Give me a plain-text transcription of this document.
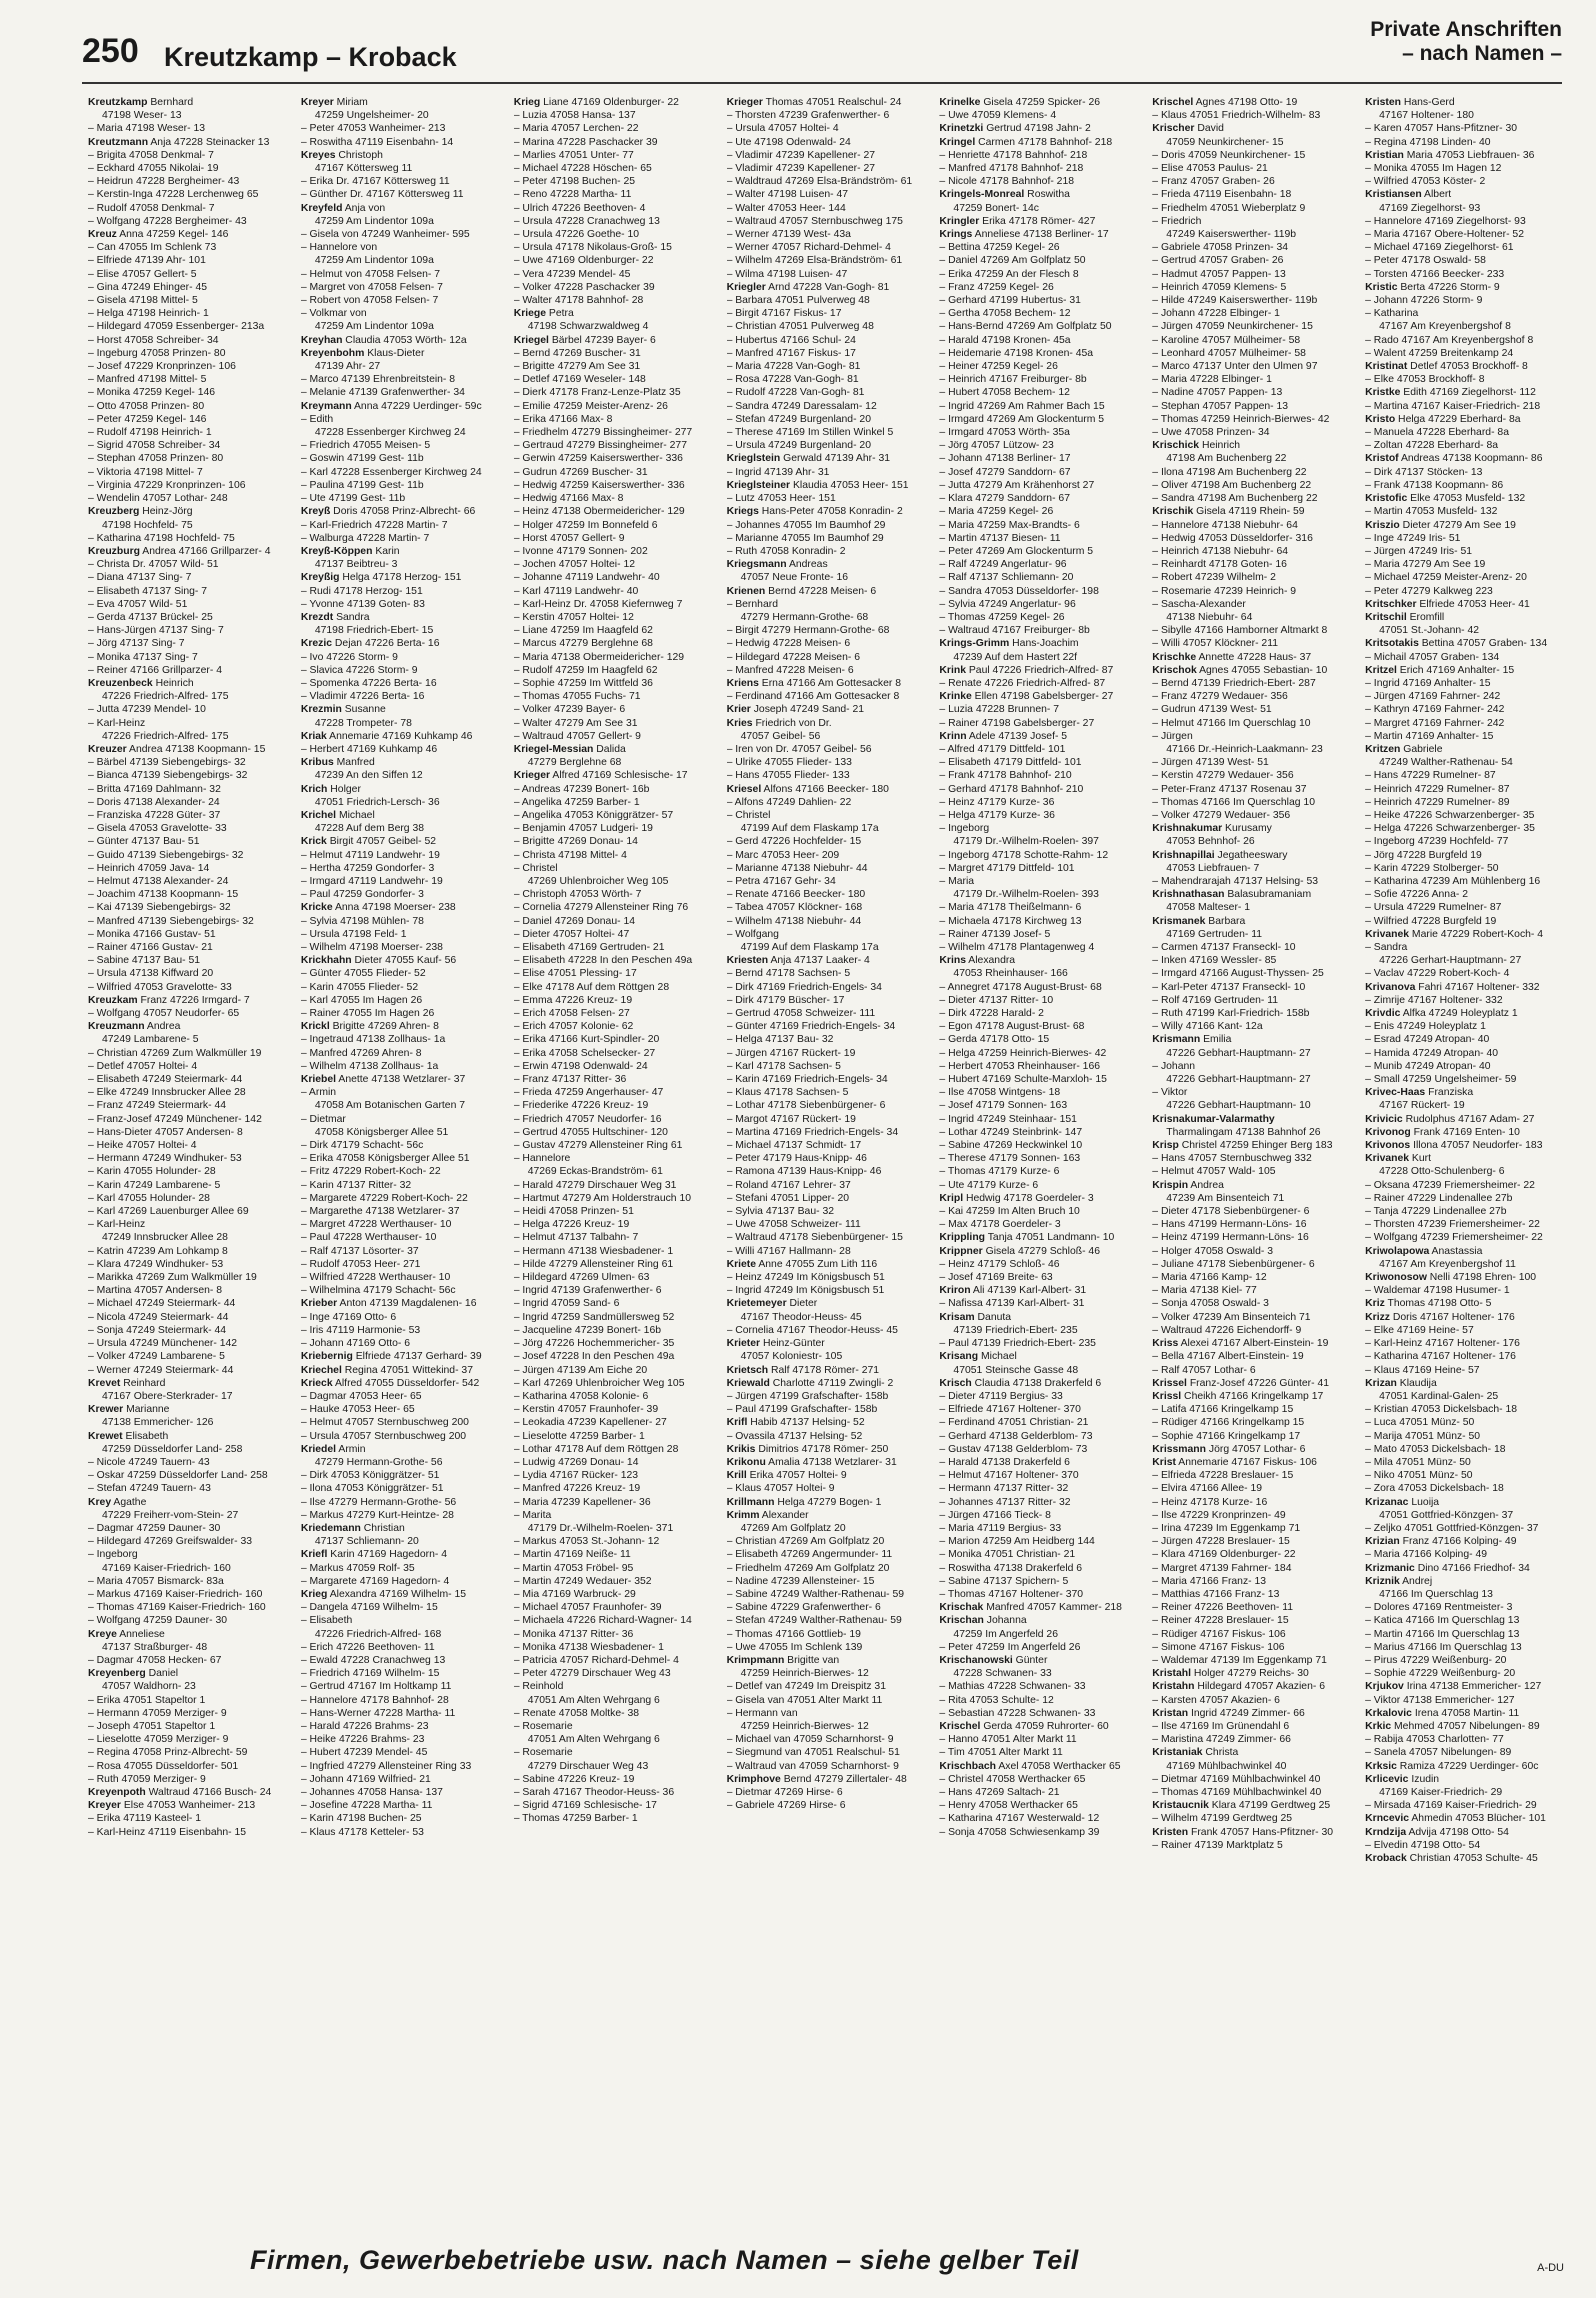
250 Kreutzkamp – Kroback
Private Anschriften
– nach Namen –
Kreutzkamp Bernhard
47198 Weser- 13
– Maria 47198 Weser- 13
Kreutzmann Anja 47228 Steinacker 13
– Brigita 47058 Denkmal- 7
– Eckhard 47055 Nikolai- 19
– Heidrun 47228 Bergheimer- 43
– Kerstin-Inga 47228 Lerchenweg 65
– Rudolf 47058 Denkmal- 7
– Wolfgang 47228 Bergheimer- 43
Kreuz Anna 47259 Kegel- 146
– Can 47055 Im Schlenk 73
– Elfriede 47139 Ahr- 101
– Elise 47057 Gellert- 5
– Gina 47249 Ehinger- 45
– Gisela 47198 Mittel- 5
– Helga 47198 Heinrich- 1
– Hildegard 47059 Essenberger- 213a
– Horst 47058 Schreiber- 34
– Ingeburg 47058 Prinzen- 80
– Josef 47229 Kronprinzen- 106
– Manfred 47198 Mittel- 5
– Monika 47259 Kegel- 146
– Otto 47058 Prinzen- 80
– Peter 47259 Kegel- 146
– Rudolf 47198 Heinrich- 1
– Sigrid 47058 Schreiber- 34
– Stephan 47058 Prinzen- 80
– Viktoria 47198 Mittel- 7
– Virginia 47229 Kronprinzen- 106
– Wendelin 47057 Lothar- 248
Kreuzberg Heinz-Jörg
47198 Hochfeld- 75
– Katharina 47198 Hochfeld- 75
Kreuzburg Andrea 47166 Grillparzer- 4
– Christa Dr. 47057 Wild- 51
– Diana 47137 Sing- 7
– Elisabeth 47137 Sing- 7
– Eva 47057 Wild- 51
– Gerda 47137 Brückel- 25
– Hans-Jürgen 47137 Sing- 7
– Jörg 47137 Sing- 7
– Monika 47137 Sing- 7
– Reiner 47166 Grillparzer- 4
Kreuzenbeck Heinrich
47226 Friedrich-Alfred- 175
– Jutta 47239 Mendel- 10
– Karl-Heinz
47226 Friedrich-Alfred- 175
Kreuzer Andrea 47138 Koopmann- 15
– Bärbel 47139 Siebengebirgs- 32
– Bianca 47139 Siebengebirgs- 32
– Britta 47169 Dahlmann- 32
– Doris 47138 Alexander- 24
– Franziska 47228 Güter- 37
– Gisela 47053 Gravelotte- 33
– Günter 47137 Bau- 51
– Guido 47139 Siebengebirgs- 32
– Heinrich 47059 Java- 14
– Helmut 47138 Alexander- 24
– Joachim 47138 Koopmann- 15
– Kai 47139 Siebengebirgs- 32
– Manfred 47139 Siebengebirgs- 32
– Monika 47166 Gustav- 51
– Rainer 47166 Gustav- 21
– Sabine 47137 Bau- 51
– Ursula 47138 Kiffward 20
– Wilfried 47053 Gravelotte- 33
Kreuzkam Franz 47226 Irmgard- 7
– Wolfgang 47057 Neudorfer- 65
Kreuzmann Andrea
47249 Lambarene- 5
– Christian 47269 Zum Walkmüller 19
– Detlef 47057 Holtei- 4
– Elisabeth 47249 Steiermark- 44
– Elke 47249 Innsbrucker Allee 28
– Franz 47249 Steiermark- 44
– Franz-Josef 47249 Münchener- 142
– Hans-Dieter 47057 Andersen- 8
– Heike 47057 Holtei- 4
– Hermann 47249 Windhuker- 53
– Karin 47055 Holunder- 28
– Karin 47249 Lambarene- 5
– Karl 47055 Holunder- 28
– Karl 47269 Lauenburger Allee 69
– Karl-Heinz
47249 Innsbrucker Allee 28
– Katrin 47239 Am Lohkamp 8
– Klara 47249 Windhuker- 53
– Marikka 47269 Zum Walkmüller 19
– Martina 47057 Andersen- 8
– Michael 47249 Steiermark- 44
– Nicola 47249 Steiermark- 44
– Sonja 47249 Steiermark- 44
– Ursula 47249 Münchener- 142
– Volker 47249 Lambarene- 5
– Werner 47249 Steiermark- 44
Krevet Reinhard
47167 Obere-Sterkrader- 17
Krewer Marianne
47138 Emmericher- 126
Krewet Elisabeth
47259 Düsseldorfer Land- 258
– Nicole 47249 Tauern- 43
– Oskar 47259 Düsseldorfer Land- 258
– Stefan 47249 Tauern- 43
Krey Agathe
47229 Freiherr-vom-Stein- 27
– Dagmar 47259 Dauner- 30
– Hildegard 47269 Greifswalder- 33
– Ingeborg
47169 Kaiser-Friedrich- 160
– Maria 47057 Bismarck- 83a
– Markus 47169 Kaiser-Friedrich- 160
– Thomas 47169 Kaiser-Friedrich- 160
– Wolfgang 47259 Dauner- 30
Kreye Anneliese
47137 Straßburger- 48
– Dagmar 47058 Hecken- 67
Kreyenberg Daniel
47057 Waldhorn- 23
– Erika 47051 Stapeltor 1
– Hermann 47059 Merziger- 9
– Joseph 47051 Stapeltor 1
– Lieselotte 47059 Merziger- 9
– Regina 47058 Prinz-Albrecht- 59
– Rosa 47055 Düsseldorfer- 501
– Ruth 47059 Merziger- 9
Kreyenpoth Waltraud 47166 Busch- 24
Kreyer Else 47053 Wanheimer- 213
– Erika 47119 Kasteel- 1
– Karl-Heinz 47119 Eisenbahn- 15
Kreyer Miriam
47259 Ungelsheimer- 20
– Peter 47053 Wanheimer- 213
– Roswitha 47119 Eisenbahn- 14
Kreyes Christoph
47167 Köttersweg 11
– Erika Dr. 47167 Köttersweg 11
– Günther Dr. 47167 Köttersweg 11
Kreyfeld Anja von
47259 Am Lindentor 109a
– Gisela von 47249 Wanheimer- 595
– Hannelore von
47259 Am Lindentor 109a
– Helmut von 47058 Felsen- 7
– Margret von 47058 Felsen- 7
– Robert von 47058 Felsen- 7
– Volkmar von
47259 Am Lindentor 109a
Kreyhan Claudia 47053 Wörth- 12a
Kreyenbohm Klaus-Dieter
47139 Ahr- 27
– Marco 47139 Ehrenbreitstein- 8
– Melanie 47139 Grafenwerther- 34
Kreymann Anna 47229 Uerdinger- 59c
– Edith
47228 Essenberger Kirchweg 24
– Friedrich 47055 Meisen- 5
– Goswin 47199 Gest- 11b
– Karl 47228 Essenberger Kirchweg 24
– Paulina 47199 Gest- 11b
– Ute 47199 Gest- 11b
Kreyß Doris 47058 Prinz-Albrecht- 66
– Karl-Friedrich 47228 Martin- 7
– Walburga 47228 Martin- 7
Kreyß-Köppen Karin
47137 Beibtreu- 3
Kreyßig Helga 47178 Herzog- 151
– Rudi 47178 Herzog- 151
– Yvonne 47139 Goten- 83
Krezdt Sandra
47198 Friedrich-Ebert- 15
Krezic Dejan 47226 Berta- 16
– Ivo 47226 Storm- 9
– Slavica 47226 Storm- 9
– Spomenka 47226 Berta- 16
– Vladimir 47226 Berta- 16
Krezmin Susanne
47228 Trompeter- 78
Kriak Annemarie 47169 Kuhkamp 46
– Herbert 47169 Kuhkamp 46
Kribus Manfred
47239 An den Siffen 12
Krich Holger
47051 Friedrich-Lersch- 36
Krichel Michael
47228 Auf dem Berg 38
Krick Birgit 47057 Geibel- 52
– Helmut 47119 Landwehr- 19
– Hertha 47259 Gondorfer- 3
– Irmgard 47119 Landwehr- 19
– Paul 47259 Gondorfer- 3
Kricke Anna 47198 Moerser- 238
– Sylvia 47198 Mühlen- 78
– Ursula 47198 Feld- 1
– Wilhelm 47198 Moerser- 238
Krickhahn Dieter 47055 Kauf- 56
– Günter 47055 Flieder- 52
– Karin 47055 Flieder- 52
– Karl 47055 Im Hagen 26
– Rainer 47055 Im Hagen 26
Krickl Brigitte 47269 Ahren- 8
– Ingetraud 47138 Zollhaus- 1a
– Manfred 47269 Ahren- 8
– Wilhelm 47138 Zollhaus- 1a
Kriebel Anette 47138 Wetzlarer- 37
– Armin
47058 Am Botanischen Garten 7
– Dietmar
47058 Königsberger Allee 51
– Dirk 47179 Schacht- 56c
– Erika 47058 Königsberger Allee 51
– Fritz 47229 Robert-Koch- 22
– Karin 47137 Ritter- 32
– Margarete 47229 Robert-Koch- 22
– Margarethe 47138 Wetzlarer- 37
– Margret 47228 Werthauser- 10
– Paul 47228 Werthauser- 10
– Ralf 47137 Lösorter- 37
– Rudolf 47053 Heer- 271
– Wilfried 47228 Werthauser- 10
– Wilhelmina 47179 Schacht- 56c
Krieber Anton 47139 Magdalenen- 16
– Inge 47169 Otto- 6
– Iris 47119 Harmonie- 53
– Johann 47169 Otto- 6
Kriebernig Elfriede 47137 Gerhard- 39
Kriechel Regina 47051 Wittekind- 37
Krieck Alfred 47055 Düsseldorfer- 542
– Dagmar 47053 Heer- 65
– Hauke 47053 Heer- 65
– Helmut 47057 Sternbuschweg 200
– Ursula 47057 Sternbuschweg 200
Kriedel Armin
47279 Hermann-Grothe- 56
– Dirk 47053 Königgrätzer- 51
– Ilona 47053 Königgrätzer- 51
– Ilse 47279 Hermann-Grothe- 56
– Markus 47279 Kurt-Heintze- 28
Kriedemann Christian
47137 Schliemann- 20
Kriefl Karin 47169 Hagedorn- 4
– Markus 47059 Rolf- 35
– Margarete 47169 Hagedorn- 4
Krieg Alexandra 47169 Wilhelm- 15
– Dangela 47169 Wilhelm- 15
– Elisabeth
47226 Friedrich-Alfred- 168
– Erich 47226 Beethoven- 11
– Ewald 47228 Cranachweg 13
– Friedrich 47169 Wilhelm- 15
– Gertrud 47167 Im Holtkamp 11
– Hannelore 47178 Bahnhof- 28
– Hans-Werner 47228 Martha- 11
– Harald 47226 Brahms- 23
– Heike 47226 Brahms- 23
– Hubert 47239 Mendel- 45
– Ingfried 47279 Allensteiner Ring 33
– Johann 47169 Wilfried- 21
– Johannes 47058 Hansa- 137
– Josefine 47228 Martha- 11
– Karin 47198 Buchen- 25
– Klaus 47178 Ketteler- 53
Krieg Liane 47169 Oldenburger- 22
– Luzia 47058 Hansa- 137
– Maria 47057 Lerchen- 22
– Marina 47228 Paschacker 39
– Marlies 47051 Unter- 77
– Michael 47228 Höschen- 65
– Peter 47198 Buchen- 25
– Reno 47228 Martha- 11
– Ulrich 47226 Beethoven- 4
– Ursula 47228 Cranachweg 13
– Ursula 47226 Goethe- 10
– Ursula 47178 Nikolaus-Groß- 15
– Uwe 47169 Oldenburger- 22
– Vera 47239 Mendel- 45
– Volker 47228 Paschacker 39
– Walter 47178 Bahnhof- 28
Kriege Petra
47198 Schwarzwaldweg 4
Kriegel Bärbel 47239 Bayer- 6
– Bernd 47269 Buscher- 31
– Brigitte 47279 Am See 31
– Detlef 47169 Weseler- 148
– Dierk 47178 Franz-Lenze-Platz 35
– Emilie 47259 Meister-Arenz- 26
– Erika 47166 Max- 8
– Friedhelm 47279 Bissingheimer- 277
– Gertraud 47279 Bissingheimer- 277
– Gerwin 47259 Kaiserswerther- 336
– Gudrun 47269 Buscher- 31
– Hedwig 47259 Kaiserswerther- 336
– Hedwig 47166 Max- 8
– Heinz 47138 Obermeidericher- 129
– Holger 47259 Im Bonnefeld 6
– Horst 47057 Gellert- 9
– Ivonne 47179 Sonnen- 202
– Jochen 47057 Holtei- 12
– Johanne 47119 Landwehr- 40
– Karl 47119 Landwehr- 40
– Karl-Heinz Dr. 47058 Kiefernweg 7
– Kerstin 47057 Holtei- 12
– Liane 47259 Im Haagfeld 62
– Marcus 47279 Berglehne 68
– Maria 47138 Obermeidericher- 129
– Rudolf 47259 Im Haagfeld 62
– Sophie 47259 Im Wittfeld 36
– Thomas 47055 Fuchs- 71
– Volker 47239 Bayer- 6
– Walter 47279 Am See 31
– Waltraud 47057 Gellert- 9
Kriegel-Messian Dalida
47279 Berglehne 68
Krieger Alfred 47169 Schlesische- 17
– Andreas 47239 Bonert- 16b
– Angelika 47259 Barber- 1
– Angelika 47053 Königgrätzer- 57
– Benjamin 47057 Ludgeri- 19
– Brigitte 47269 Donau- 14
– Christa 47198 Mittel- 4
– Christel
47269 Uhlenbroicher Weg 105
– Christoph 47053 Wörth- 7
– Cornelia 47279 Allensteiner Ring 76
– Daniel 47269 Donau- 14
– Dieter 47057 Holtei- 47
– Elisabeth 47169 Gertruden- 21
– Elisabeth 47228 In den Peschen 49a
– Elise 47051 Plessing- 17
– Elke 47178 Auf dem Röttgen 28
– Emma 47226 Kreuz- 19
– Erich 47058 Felsen- 27
– Erich 47057 Kolonie- 62
– Erika 47166 Kurt-Spindler- 20
– Erika 47058 Schelsecker- 27
– Erwin 47198 Odenwald- 24
– Franz 47137 Ritter- 36
– Frieda 47259 Angerhauser- 47
– Friederike 47226 Kreuz- 19
– Friedrich 47057 Neudorfer- 16
– Gertrud 47055 Hultschiner- 120
– Gustav 47279 Allensteiner Ring 61
– Hannelore
47269 Eckas-Brandström- 61
– Harald 47279 Dirschauer Weg 31
– Hartmut 47279 Am Holderstrauch 10
– Heidi 47058 Prinzen- 51
– Helga 47226 Kreuz- 19
– Helmut 47137 Talbahn- 7
– Hermann 47138 Wiesbadener- 1
– Hilde 47279 Allensteiner Ring 61
– Hildegard 47269 Ulmen- 63
– Ingrid 47139 Grafenwerther- 6
– Ingrid 47059 Sand- 6
– Ingrid 47259 Sandmüllersweg 52
– Jacqueline 47239 Bonert- 16b
– Jörg 47226 Hochemmericher- 35
– Josef 47228 In den Peschen 49a
– Jürgen 47139 Am Eiche 20
– Karl 47269 Uhlenbroicher Weg 105
– Katharina 47058 Kolonie- 6
– Kerstin 47057 Fraunhofer- 39
– Leokadia 47239 Kapellener- 27
– Lieselotte 47259 Barber- 1
– Lothar 47178 Auf dem Röttgen 28
– Ludwig 47269 Donau- 14
– Lydia 47167 Rücker- 123
– Manfred 47226 Kreuz- 19
– Maria 47239 Kapellener- 36
– Marita
47179 Dr.-Wilhelm-Roelen- 371
– Markus 47053 St.-Johann- 12
– Martin 47169 Neiße- 11
– Martin 47053 Fröbel- 95
– Martin 47249 Wedauer- 352
– Mia 47169 Warbruck- 29
– Michael 47057 Fraunhofer- 39
– Michaela 47226 Richard-Wagner- 14
– Monika 47137 Ritter- 36
– Monika 47138 Wiesbadener- 1
– Patricia 47057 Richard-Dehmel- 4
– Peter 47279 Dirschauer Weg 43
– Reinhold
47051 Am Alten Wehrgang 6
– Renate 47058 Moltke- 38
– Rosemarie
47051 Am Alten Wehrgang 6
– Rosemarie
47279 Dirschauer Weg 43
– Sabine 47226 Kreuz- 19
– Sarah 47167 Theodor-Heuss- 36
– Sigrid 47169 Schlesische- 17
– Thomas 47259 Barber- 1
Krieger Thomas 47051 Realschul- 24
– Thorsten 47239 Grafenwerther- 6
– Ursula 47057 Holtei- 4
– Ute 47198 Odenwald- 24
– Vladimir 47239 Kapellener- 27
– Vladimir 47239 Kapellener- 27
– Waldtraud 47269 Elsa-Brändström- 61
– Walter 47198 Luisen- 47
– Walter 47053 Heer- 144
– Waltraud 47057 Sternbuschweg 175
– Werner 47139 West- 43a
– Werner 47057 Richard-Dehmel- 4
– Wilhelm 47269 Elsa-Brändström- 61
– Wilma 47198 Luisen- 47
Kriegler Arnd 47228 Van-Gogh- 81
– Barbara 47051 Pulverweg 48
– Birgit 47167 Fiskus- 17
– Christian 47051 Pulverweg 48
– Hubertus 47166 Schul- 24
– Manfred 47167 Fiskus- 17
– Maria 47228 Van-Gogh- 81
– Rosa 47228 Van-Gogh- 81
– Rudolf 47228 Van-Gogh- 81
– Sandra 47249 Daressalam- 12
– Stefan 47249 Burgenland- 20
– Therese 47169 Im Stillen Winkel 5
– Ursula 47249 Burgenland- 20
Krieglstein Gerwald 47139 Ahr- 31
– Ingrid 47139 Ahr- 31
Krieglsteiner Klaudia 47053 Heer- 151
– Lutz 47053 Heer- 151
Kriegs Hans-Peter 47058 Konradin- 2
– Johannes 47055 Im Baumhof 29
– Marianne 47055 Im Baumhof 29
– Ruth 47058 Konradin- 2
Kriegsmann Andreas
47057 Neue Fronte- 16
Krienen Bernd 47228 Meisen- 6
– Bernhard
47279 Hermann-Grothe- 68
– Birgit 47279 Hermann-Grothe- 68
– Hedwig 47228 Meisen- 6
– Hildegard 47228 Meisen- 6
– Manfred 47228 Meisen- 6
Kriens Erna 47166 Am Gottesacker 8
– Ferdinand 47166 Am Gottesacker 8
Krier Joseph 47249 Sand- 21
Kries Friedrich von Dr.
47057 Geibel- 56
– Iren von Dr. 47057 Geibel- 56
– Ulrike 47055 Flieder- 133
– Hans 47055 Flieder- 133
Kriesel Alfons 47166 Beecker- 180
– Alfons 47249 Dahlien- 22
– Christel
47199 Auf dem Flaskamp 17a
– Gerd 47226 Hochfelder- 15
– Marc 47053 Heer- 209
– Marianne 47138 Niebuhr- 44
– Petra 47167 Gehr- 34
– Renate 47166 Beecker- 180
– Tabea 47057 Klöckner- 168
– Wilhelm 47138 Niebuhr- 44
– Wolfgang
47199 Auf dem Flaskamp 17a
Kriesten Anja 47137 Laaker- 4
– Bernd 47178 Sachsen- 5
– Dirk 47169 Friedrich-Engels- 34
– Dirk 47179 Büscher- 17
– Gertrud 47058 Schweizer- 111
– Günter 47169 Friedrich-Engels- 34
– Helga 47137 Bau- 32
– Jürgen 47167 Rückert- 19
– Karl 47178 Sachsen- 5
– Karin 47169 Friedrich-Engels- 34
– Klaus 47178 Sachsen- 5
– Lothar 47178 Siebenbürgener- 6
– Margot 47167 Rückert- 19
– Martina 47169 Friedrich-Engels- 34
– Michael 47137 Schmidt- 17
– Peter 47179 Haus-Knipp- 46
– Ramona 47139 Haus-Knipp- 46
– Roland 47167 Lehrer- 37
– Stefani 47051 Lipper- 20
– Sylvia 47137 Bau- 32
– Uwe 47058 Schweizer- 111
– Waltraud 47178 Siebenbürgener- 15
– Willi 47167 Hallmann- 28
Kriete Anne 47055 Zum Lith 116
– Heinz 47249 Im Königsbusch 51
– Ingrid 47249 Im Königsbusch 51
Krietemeyer Dieter
47167 Theodor-Heuss- 45
– Cornelia 47167 Theodor-Heuss- 45
Krieter Heinz-Günter
47057 Koloniestr- 105
Krietsch Ralf 47178 Römer- 271
Kriewald Charlotte 47119 Zwingli- 2
– Jürgen 47199 Grafschafter- 158b
– Paul 47199 Grafschafter- 158b
Krifl Habib 47137 Helsing- 52
– Ovassila 47137 Helsing- 52
Krikis Dimitrios 47178 Römer- 250
Krikonu Amalia 47138 Wetzlarer- 31
Krill Erika 47057 Holtei- 9
– Klaus 47057 Holtei- 9
Krillmann Helga 47279 Bogen- 1
Krimm Alexander
47269 Am Golfplatz 20
– Christian 47269 Am Golfplatz 20
– Elisabeth 47269 Angermunder- 11
– Friedhelm 47269 Am Golfplatz 20
– Nadine 47239 Allensteiner- 15
– Sabine 47249 Walther-Rathenau- 59
– Sabine 47229 Grafenwerther- 6
– Stefan 47249 Walther-Rathenau- 59
– Thomas 47166 Gottlieb- 19
– Uwe 47055 Im Schlenk 139
Krimpmann Brigitte van
47259 Heinrich-Bierwes- 12
– Detlef van 47249 Im Dreispitz 31
– Gisela van 47051 Alter Markt 11
– Hermann van
47259 Heinrich-Bierwes- 12
– Michael van 47059 Scharnhorst- 9
– Siegmund van 47051 Realschul- 51
– Waltraud van 47059 Scharnhorst- 9
Krimphove Bernd 47279 Zillertaler- 48
– Dietmar 47269 Hirse- 6
– Gabriele 47269 Hirse- 6
Krinelke Gisela 47259 Spicker- 26
– Uwe 47059 Klemens- 4
Krinetzki Gertrud 47198 Jahn- 2
Kringel Carmen 47178 Bahnhof- 218
– Henriette 47178 Bahnhof- 218
– Manfred 47178 Bahnhof- 218
– Nicole 47178 Bahnhof- 218
Kringels-Monreal Roswitha
47259 Bonert- 14c
Kringler Erika 47178 Römer- 427
Krings Anneliese 47138 Berliner- 17
– Bettina 47259 Kegel- 26
– Daniel 47269 Am Golfplatz 50
– Erika 47259 An der Flesch 8
– Franz 47259 Kegel- 26
– Gerhard 47199 Hubertus- 31
– Gertha 47058 Bechem- 12
– Hans-Bernd 47269 Am Golfplatz 50
– Harald 47198 Kronen- 45a
– Heidemarie 47198 Kronen- 45a
– Heiner 47259 Kegel- 26
– Heinrich 47167 Freiburger- 8b
– Hubert 47058 Bechem- 12
– Ingrid 47269 Am Rahmer Bach 15
– Irmgard 47269 Am Glockenturm 5
– Irmgard 47053 Wörth- 35a
– Jörg 47057 Lützow- 23
– Johann 47138 Berliner- 17
– Josef 47279 Sanddorn- 67
– Jutta 47279 Am Krähenhorst 27
– Klara 47279 Sanddorn- 67
– Maria 47259 Kegel- 26
– Maria 47259 Max-Brandts- 6
– Martin 47137 Biesen- 11
– Peter 47269 Am Glockenturm 5
– Ralf 47249 Angerlatur- 96
– Ralf 47137 Schliemann- 20
– Sandra 47053 Düsseldorfer- 198
– Sylvia 47249 Angerlatur- 96
– Thomas 47259 Kegel- 26
– Waltraud 47167 Freiburger- 8b
Krings-Grimm Hans-Joachim
47239 Auf dem Hastert 22f
Krink Paul 47226 Friedrich-Alfred- 87
– Renate 47226 Friedrich-Alfred- 87
Krinke Ellen 47198 Gabelsberger- 27
– Luzia 47228 Brunnen- 7
– Rainer 47198 Gabelsberger- 27
Krinn Adele 47139 Josef- 5
– Alfred 47179 Dittfeld- 101
– Elisabeth 47179 Dittfeld- 101
– Frank 47178 Bahnhof- 210
– Gerhard 47178 Bahnhof- 210
– Heinz 47179 Kurze- 36
– Helga 47179 Kurze- 36
– Ingeborg
47179 Dr.-Wilhelm-Roelen- 397
– Ingeborg 47178 Schotte-Rahm- 12
– Margret 47179 Dittfeld- 101
– Maria
47179 Dr.-Wilhelm-Roelen- 393
– Maria 47178 Theißelmann- 6
– Michaela 47178 Kirchweg 13
– Rainer 47139 Josef- 5
– Wilhelm 47178 Plantagenweg 4
Krins Alexandra
47053 Rheinhauser- 166
– Annegret 47178 August-Brust- 68
– Dieter 47137 Ritter- 10
– Dirk 47228 Harald- 2
– Egon 47178 August-Brust- 68
– Gerda 47178 Otto- 15
– Helga 47259 Heinrich-Bierwes- 42
– Herbert 47053 Rheinhauser- 166
– Hubert 47169 Schulte-Marxloh- 15
– Ilse 47058 Wintgens- 18
– Josef 47179 Sonnen- 163
– Ingrid 47249 Steinhaar- 151
– Lothar 47249 Steinbrink- 147
– Sabine 47269 Heckwinkel 10
– Therese 47179 Sonnen- 163
– Thomas 47179 Kurze- 6
– Ute 47179 Kurze- 6
Kripl Hedwig 47178 Goerdeler- 3
– Kai 47259 Im Alten Bruch 10
– Max 47178 Goerdeler- 3
Krippling Tanja 47051 Landmann- 10
Krippner Gisela 47279 Schloß- 46
– Heinz 47179 Schloß- 46
– Josef 47169 Breite- 63
Kriron Ali 47139 Karl-Albert- 31
– Nafissa 47139 Karl-Albert- 31
Krisam Danuta
47139 Friedrich-Ebert- 235
– Paul 47139 Friedrich-Ebert- 235
Krisang Michael
47051 Steinsche Gasse 48
Krisch Claudia 47138 Drakerfeld 6
– Dieter 47119 Bergius- 33
– Elfriede 47167 Holtener- 370
– Ferdinand 47051 Christian- 21
– Gerhard 47138 Gelderblom- 73
– Gustav 47138 Gelderblom- 73
– Harald 47138 Drakerfeld 6
– Helmut 47167 Holtener- 370
– Hermann 47137 Ritter- 32
– Johannes 47137 Ritter- 32
– Jürgen 47166 Tieck- 8
– Maria 47119 Bergius- 33
– Marion 47259 Am Heidberg 144
– Monika 47051 Christian- 21
– Roswitha 47138 Drakerfeld 6
– Sabine 47137 Spichern- 5
– Thomas 47167 Holtener- 370
Krischak Manfred 47057 Kammer- 218
Krischan Johanna
47259 Im Angerfeld 26
– Peter 47259 Im Angerfeld 26
Krischanowski Günter
47228 Schwanen- 33
– Mathias 47228 Schwanen- 33
– Rita 47053 Schulte- 12
– Sebastian 47228 Schwanen- 33
Krischel Gerda 47059 Ruhrorter- 60
– Hanno 47051 Alter Markt 11
– Tim 47051 Alter Markt 11
Krischbach Axel 47058 Werthacker 65
– Christel 47058 Werthacker 65
– Hans 47269 Saltach- 21
– Henry 47058 Werthacker 65
– Katharina 47167 Westerwald- 12
– Sonja 47058 Schwiesenkamp 39
Krischel Agnes 47198 Otto- 19
– Klaus 47051 Friedrich-Wilhelm- 83
Krischer David
47059 Neunkirchener- 15
– Doris 47059 Neunkirchener- 15
– Elise 47053 Paulus- 21
– Franz 47057 Graben- 26
– Frieda 47119 Eisenbahn- 18
– Friedhelm 47051 Wieberplatz 9
– Friedrich
47249 Kaiserswerther- 119b
– Gabriele 47058 Prinzen- 34
– Gertrud 47057 Graben- 26
– Hadmut 47057 Pappen- 13
– Heinrich 47059 Klemens- 5
– Hilde 47249 Kaiserswerther- 119b
– Johann 47228 Elbinger- 1
– Jürgen 47059 Neunkirchener- 15
– Karoline 47057 Mülheimer- 58
– Leonhard 47057 Mülheimer- 58
– Marco 47137 Unter den Ulmen 97
– Maria 47228 Elbinger- 1
– Nadine 47057 Pappen- 13
– Stephan 47057 Pappen- 13
– Thomas 47259 Heinrich-Bierwes- 42
– Uwe 47058 Prinzen- 34
Krischick Heinrich
47198 Am Buchenberg 22
– Ilona 47198 Am Buchenberg 22
– Oliver 47198 Am Buchenberg 22
– Sandra 47198 Am Buchenberg 22
Krischik Gisela 47119 Rhein- 59
– Hannelore 47138 Niebuhr- 64
– Hedwig 47053 Düsseldorfer- 316
– Heinrich 47138 Niebuhr- 64
– Reinhardt 47178 Goten- 16
– Robert 47239 Wilhelm- 2
– Rosemarie 47239 Heinrich- 9
– Sascha-Alexander
47138 Niebuhr- 64
– Sibylle 47166 Hamborner Altmarkt 8
– Willi 47057 Klöckner- 211
Krischke Annette 47228 Haus- 37
Krischok Agnes 47055 Sebastian- 10
– Bernd 47139 Friedrich-Ebert- 287
– Franz 47279 Wedauer- 356
– Gudrun 47139 West- 51
– Helmut 47166 Im Querschlag 10
– Jürgen
47166 Dr.-Heinrich-Laakmann- 23
– Jürgen 47139 West- 51
– Kerstin 47279 Wedauer- 356
– Peter-Franz 47137 Rosenau 37
– Thomas 47166 Im Querschlag 10
– Volker 47279 Wedauer- 356
Krishnakumar Kurusamy
47053 Behnhof- 26
Krishnapillai Jegatheeswary
47053 Liebfrauen- 7
– Mahendrarajah 47137 Helsing- 53
Krishnathasan Balasubramaniam
47058 Malteser- 1
Krismanek Barbara
47169 Gertruden- 11
– Carmen 47137 Franseckl- 10
– Inken 47169 Wessler- 85
– Irmgard 47166 August-Thyssen- 25
– Karl-Peter 47137 Franseckl- 10
– Rolf 47169 Gertruden- 11
– Ruth 47199 Karl-Friedrich- 158b
– Willy 47166 Kant- 12a
Krismann Emilia
47226 Gebhart-Hauptmann- 27
– Johann
47226 Gebhart-Hauptmann- 27
– Viktor
47226 Gebhart-Hauptmann- 10
Krisnakumar-Valarmathy
Tharmalingam 47138 Bahnhof 26
Krisp Christel 47259 Ehinger Berg 183
– Hans 47057 Sternbuschweg 332
– Helmut 47057 Wald- 105
Krispin Andrea
47239 Am Binsenteich 71
– Dieter 47178 Siebenbürgener- 6
– Hans 47199 Hermann-Löns- 16
– Heinz 47199 Hermann-Löns- 16
– Holger 47058 Oswald- 3
– Juliane 47178 Siebenbürgener- 6
– Maria 47166 Kamp- 12
– Maria 47138 Kiel- 77
– Sonja 47058 Oswald- 3
– Volker 47239 Am Binsenteich 71
– Waltraud 47226 Eichendorff- 9
Kriss Alexei 47167 Albert-Einstein- 19
– Bella 47167 Albert-Einstein- 19
– Ralf 47057 Lothar- 6
Krissel Franz-Josef 47226 Günter- 41
Krissl Cheikh 47166 Kringelkamp 17
– Latifa 47166 Kringelkamp 15
– Rüdiger 47166 Kringelkamp 15
– Sophie 47166 Kringelkamp 17
Krissmann Jörg 47057 Lothar- 6
Krist Annemarie 47167 Fiskus- 106
– Elfrieda 47228 Breslauer- 15
– Elvira 47166 Allee- 19
– Heinz 47178 Kurze- 16
– Ilse 47229 Kronprinzen- 49
– Irina 47239 Im Eggenkamp 71
– Jürgen 47228 Breslauer- 15
– Klara 47169 Oldenburger- 22
– Margret 47139 Fahrner- 184
– Maria 47166 Franz- 13
– Matthias 47166 Franz- 13
– Reiner 47226 Beethoven- 11
– Reiner 47228 Breslauer- 15
– Rüdiger 47167 Fiskus- 106
– Simone 47167 Fiskus- 106
– Waldemar 47139 Im Eggenkamp 71
Kristahl Holger 47279 Reichs- 30
Kristahn Hildegard 47057 Akazien- 6
– Karsten 47057 Akazien- 6
Kristan Ingrid 47249 Zimmer- 66
– Ilse 47169 Im Grünendahl 6
– Maristina 47249 Zimmer- 66
Kristaniak Christa
47169 Mühlbachwinkel 40
– Dietmar 47169 Mühlbachwinkel 40
– Thomas 47169 Mühlbachwinkel 40
Kristaucnik Klara 47199 Gerdtweg 25
– Wilhelm 47199 Gerdtweg 25
Kristen Frank 47057 Hans-Pfitzner- 30
– Rainer 47139 Marktplatz 5
Kristen Hans-Gerd
47167 Holtener- 180
– Karen 47057 Hans-Pfitzner- 30
– Regina 47198 Linden- 40
Kristian Maria 47053 Liebfrauen- 36
– Monika 47055 Im Hagen 12
– Wilfried 47053 Köster- 2
Kristiansen Albert
47169 Ziegelhorst- 93
– Hannelore 47169 Ziegelhorst- 93
– Maria 47167 Obere-Holtener- 52
– Michael 47169 Ziegelhorst- 61
– Peter 47178 Oswald- 58
– Torsten 47166 Beecker- 233
Kristic Berta 47226 Storm- 9
– Johann 47226 Storm- 9
– Katharina
47167 Am Kreyenbergshof 8
– Rado 47167 Am Kreyenbergshof 8
– Walent 47259 Breitenkamp 24
Kristinat Detlef 47053 Brockhoff- 8
– Elke 47053 Brockhoff- 8
Kristke Edith 47169 Ziegelhorst- 112
– Martina 47167 Kaiser-Friedrich- 218
Kristo Helga 47229 Eberhard- 8a
– Manuela 47228 Eberhard- 8a
– Zoltan 47228 Eberhard- 8a
Kristof Andreas 47138 Koopmann- 86
– Dirk 47137 Stöcken- 13
– Frank 47138 Koopmann- 86
Kristofic Elke 47053 Musfeld- 132
– Martin 47053 Musfeld- 132
Kriszio Dieter 47279 Am See 19
– Inge 47249 Iris- 51
– Jürgen 47249 Iris- 51
– Maria 47279 Am See 19
– Michael 47259 Meister-Arenz- 20
– Peter 47279 Kalkweg 223
Kritschker Elfriede 47053 Heer- 41
Kritschil Eromfill
47051 St.-Johann- 42
Kritsotakis Bettina 47057 Graben- 134
– Michail 47057 Graben- 134
Kritzel Erich 47169 Anhalter- 15
– Ingrid 47169 Anhalter- 15
– Jürgen 47169 Fahrner- 242
– Kathryn 47169 Fahrner- 242
– Margret 47169 Fahrner- 242
– Martin 47169 Anhalter- 15
Kritzen Gabriele
47249 Walther-Rathenau- 54
– Hans 47229 Rumelner- 87
– Heinrich 47229 Rumelner- 87
– Heinrich 47229 Rumelner- 89
– Heike 47226 Schwarzenberger- 35
– Helga 47226 Schwarzenberger- 35
– Ingeborg 47239 Hochfeld- 77
– Jörg 47228 Burgfeld 19
– Karin 47229 Stolberger- 50
– Katharina 47239 Am Mühlenberg 16
– Sofie 47226 Anna- 2
– Ursula 47229 Rumelner- 87
– Wilfried 47228 Burgfeld 19
Krivanek Marie 47229 Robert-Koch- 4
– Sandra
47226 Gerhart-Hauptmann- 27
– Vaclav 47229 Robert-Koch- 4
Krivanova Fahri 47167 Holtener- 332
– Zimrije 47167 Holtener- 332
Krivdic Alfka 47249 Holeyplatz 1
– Enis 47249 Holeyplatz 1
– Esrad 47249 Atropan- 40
– Hamida 47249 Atropan- 40
– Munib 47249 Atropan- 40
– Small 47259 Ungelsheimer- 59
Krivec-Haas Franziska
47167 Rückert- 19
Krivicic Rudolphus 47167 Adam- 27
Krivonog Frank 47169 Enten- 10
Krivonos Illona 47057 Neudorfer- 183
Krivanek Kurt
47228 Otto-Schulenberg- 6
– Oksana 47239 Friemersheimer- 22
– Rainer 47229 Lindenallee 27b
– Tanja 47229 Lindenallee 27b
– Thorsten 47239 Friemersheimer- 22
– Wolfgang 47239 Friemersheimer- 22
Kriwolapowa Anastassia
47167 Am Kreyenbergshof 11
Kriwonosow Nelli 47198 Ehren- 100
– Waldemar 47198 Husumer- 1
Kriz Thomas 47198 Otto- 5
Krizz Doris 47167 Holtener- 176
– Elke 47169 Heine- 57
– Karl-Heinz 47167 Holtener- 176
– Katharina 47167 Holtener- 176
– Klaus 47169 Heine- 57
Krizan Klaudija
47051 Kardinal-Galen- 25
– Kristian 47053 Dickelsbach- 18
– Luca 47051 Münz- 50
– Marija 47051 Münz- 50
– Mato 47053 Dickelsbach- 18
– Mila 47051 Münz- 50
– Niko 47051 Münz- 50
– Zora 47053 Dickelsbach- 18
Krizanac Luoija
47051 Gottfried-Könzgen- 37
– Zeljko 47051 Gottfried-Könzgen- 37
Krizian Franz 47166 Kolping- 49
– Maria 47166 Kolping- 49
Krizmanic Dino 47166 Friedhof- 34
Kriznik Andrej
47166 Im Querschlag 13
– Dolores 47169 Rentmeister- 3
– Katica 47166 Im Querschlag 13
– Martin 47166 Im Querschlag 13
– Marius 47166 Im Querschlag 13
– Pirus 47229 Weißenburg- 20
– Sophie 47229 Weißenburg- 20
Krjukov Irina 47138 Emmericher- 127
– Viktor 47138 Emmericher- 127
Krkalovic Irena 47058 Martin- 11
Krkic Mehmed 47057 Nibelungen- 89
– Rabija 47053 Charlotten- 77
– Sanela 47057 Nibelungen- 89
Krksic Ramiza 47229 Uerdinger- 60c
Krlicevic Izudin
47169 Kaiser-Friedrich- 29
– Mirsada 47169 Kaiser-Friedrich- 29
Krncevic Ahmedin 47053 Blücher- 101
Krndzija Advija 47198 Otto- 54
– Elvedin 47198 Otto- 54
Kroback Christian 47053 Schulte- 45
Firmen, Gewerbebetriebe usw. nach Namen – siehe gelber Teil	A-DU
